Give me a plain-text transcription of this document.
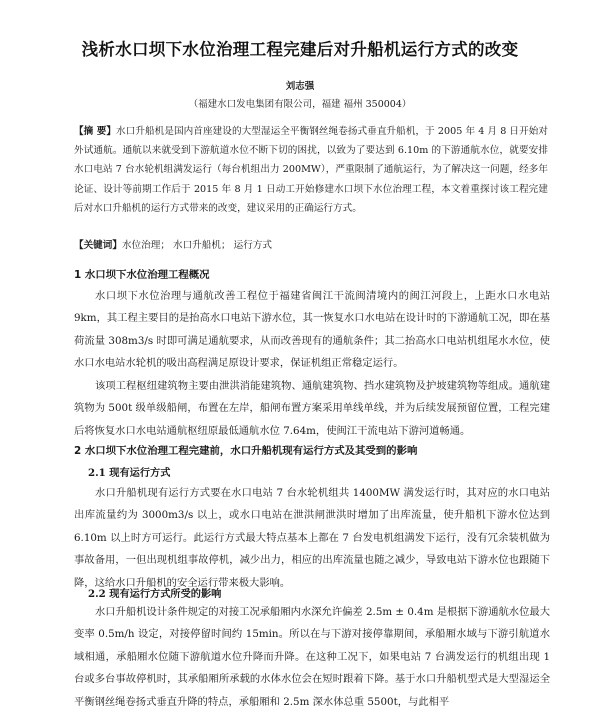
浅析水口坝下水位治理工程完建后对升船机运行方式的改变
刘志强
（福建水口发电集团有限公司，福建 福州 350004）
【摘 要】水口升船机是国内首座建设的大型湿运全平衡钢丝绳卷扬式垂直升船机，于 2005 年 4 月 8 日开始对外试通航。通航以来就受到下游航道水位不断下切的困扰，以致为了要达到 6.10m 的下游通航水位，就要安排水口电站 7 台水轮机组满发运行（每台机组出力 200MW），严重限制了通航运行，为了解决这一问题，经多年论证、设计等前期工作后于 2015 年 8 月 1 日动工开始修建水口坝下水位治理工程，本文着重探讨该工程完建后对水口升船机的运行方式带来的改变，建议采用的正确运行方式。
【关键词】水位治理； 水口升船机； 运行方式
1 水口坝下水位治理工程概况
水口坝下水位治理与通航改善工程位于福建省闽江干流闽清境内的闽江河段上，上距水口水电站 9km，其工程主要目的是抬高水口电站下游水位，其一恢复水口水电站在设计时的下游通航工况，即在基荷流量 308m3/s 时即可满足通航要求，从而改善现有的通航条件；其二抬高水口电站机组尾水水位，使水口水电站水轮机的吸出高程满足原设计要求，保证机组正常稳定运行。
该项工程枢纽建筑物主要由泄洪消能建筑物、通航建筑物、挡水建筑物及护坡建筑物等组成。通航建筑物为 500t 级单级船闸，布置在左岸，船闸布置方案采用单线单线，并为后续发展预留位置，工程完建后将恢复水口水电站通航枢纽原最低通航水位 7.64m，使闽江干流电站下游河道畅通。
2 水口坝下水位治理工程完建前，水口升船机现有运行方式及其受到的影响
2.1 现有运行方式
水口升船机现有运行方式要在水口电站 7 台水轮机组共 1400MW 满发运行时，其对应的水口电站出库流量约为 3000m3/s 以上，或水口电站在泄洪闸泄洪时增加了出库流量，使升船机下游水位达到 6.10m 以上时方可运行。此运行方式最大特点基本上都在 7 台发电机组满发下运行，没有冗余装机做为事故备用，一但出现机组事故停机，减少出力，相应的出库流量也随之减少，导致电站下游水位也跟随下降，这给水口升船机的安全运行带来极大影响。
2.2 现有运行方式所受的影响
水口升船机设计条件规定的对接工况承船厢内水深允许偏差 2.5m ± 0.4m 是根据下游通航水位最大变率 0.5m/h 设定，对接停留时间约 15min。所以在与下游对接停靠期间，承船厢水域与下游引航道水域相通，承船厢水位随下游航道水位升降而升降。在这种工况下，如果电站 7 台满发运行的机组出现 1 台或多台事故停机时，其承船厢所承载的水体水位会在短时跟着下降。基于水口升船机型式是大型湿运全平衡钢丝绳卷扬式垂直升降的特点，承船厢和 2.5m 深水体总重 5500t，与此相平
